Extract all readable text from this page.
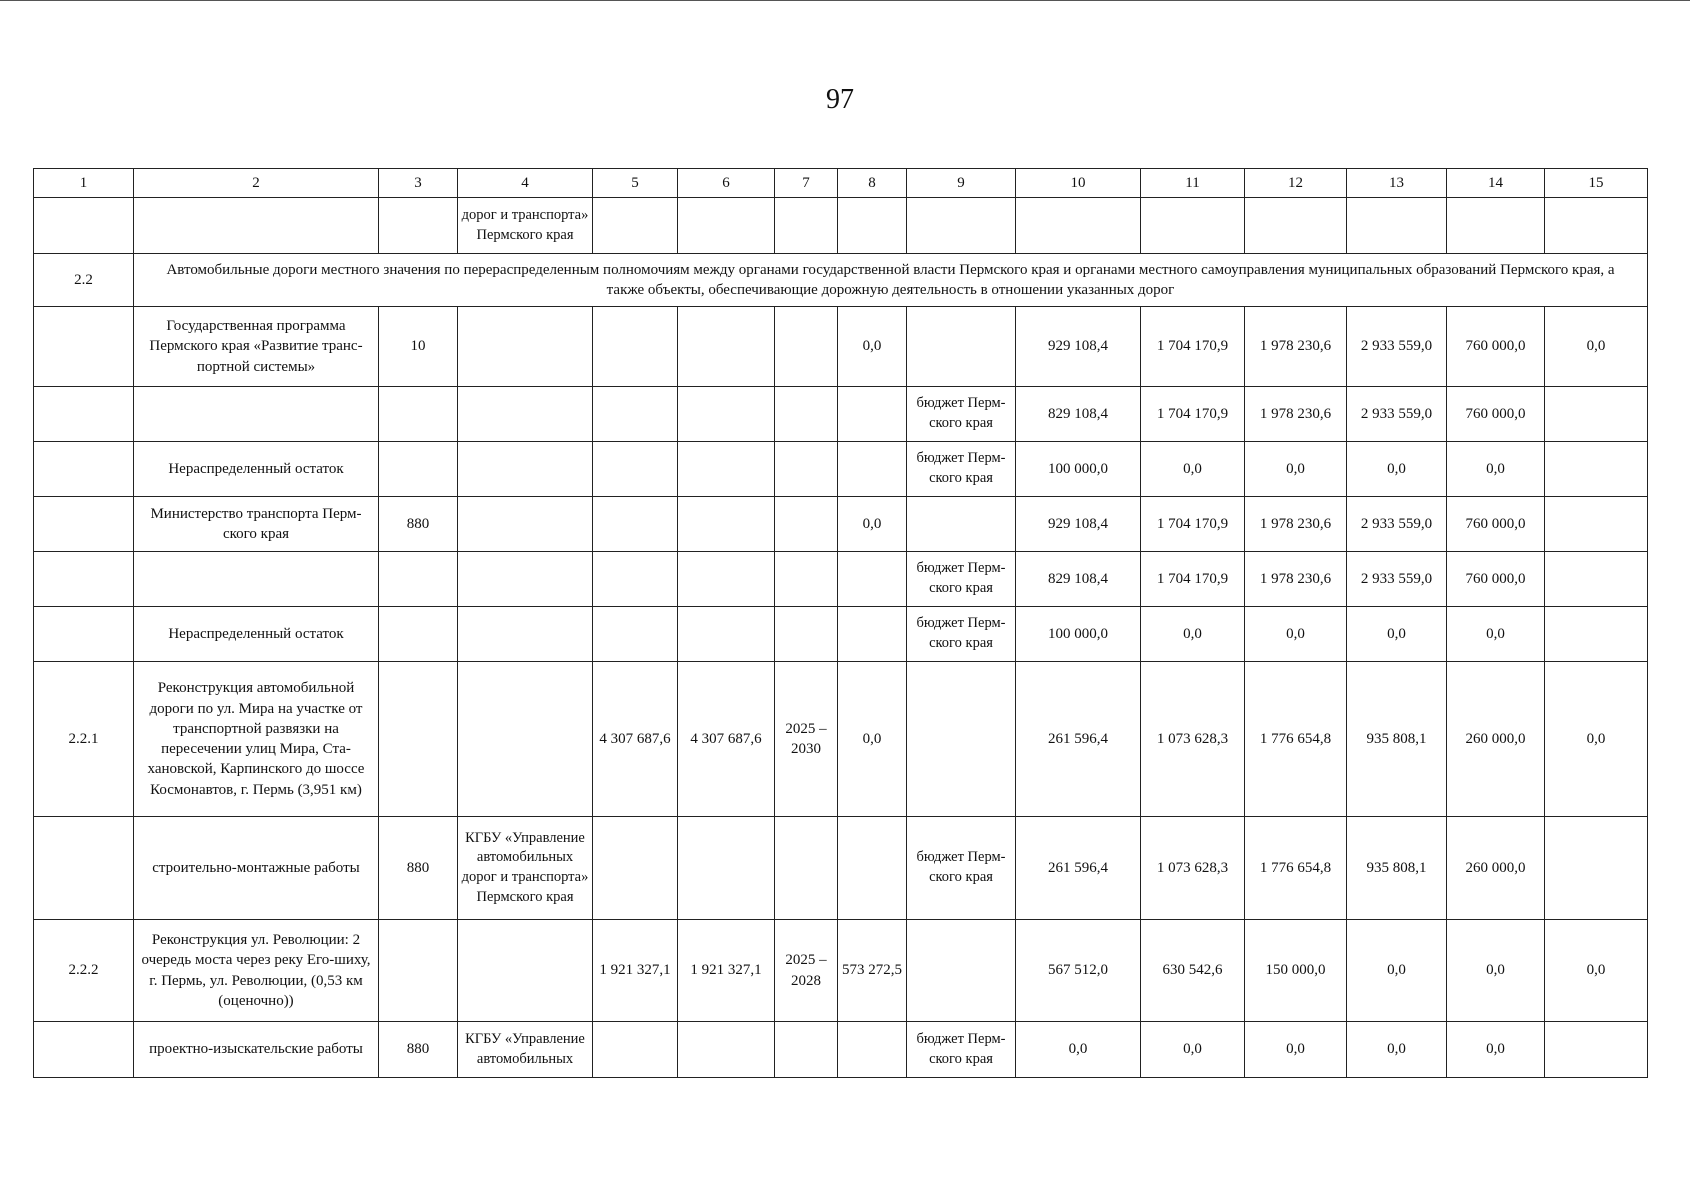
97
1	2	3	4	5	6	7	8	9	10	11	12	13	14	15
			дорог и транспорта» Пермского края											
2.2	Автомобильные дороги местного значения по перераспределенным полномочиям между органами государственной власти Пермского края и органами местного самоуправления муниципальных образований Пермского края, а также объекты, обеспечивающие дорожную деятельность в отношении указанных дорог													
	Государственная программа Пермского края «Развитие транс-портной системы»	10					0,0		929 108,4	1 704 170,9	1 978 230,6	2 933 559,0	760 000,0	0,0
								бюджет Перм-ского края	829 108,4	1 704 170,9	1 978 230,6	2 933 559,0	760 000,0	
	Нераспределенный остаток							бюджет Перм-ского края	100 000,0	0,0	0,0	0,0	0,0	
	Министерство транспорта Перм-ского края	880					0,0		929 108,4	1 704 170,9	1 978 230,6	2 933 559,0	760 000,0	
								бюджет Перм-ского края	829 108,4	1 704 170,9	1 978 230,6	2 933 559,0	760 000,0	
	Нераспределенный остаток							бюджет Перм-ского края	100 000,0	0,0	0,0	0,0	0,0	
2.2.1	Реконструкция автомобильной дороги по ул. Мира на участке от транспортной развязки на пересечении улиц Мира, Ста-хановской, Карпинского до шоссе Космонавтов, г. Пермь (3,951 км)			4 307 687,6	4 307 687,6	2025 – 2030	0,0		261 596,4	1 073 628,3	1 776 654,8	935 808,1	260 000,0	0,0
	строительно-монтажные работы	880	КГБУ «Управление автомобильных дорог и транспорта» Пермского края					бюджет Перм-ского края	261 596,4	1 073 628,3	1 776 654,8	935 808,1	260 000,0	
2.2.2	Реконструкция ул. Революции: 2 очередь моста через реку Его-шиху, г. Пермь, ул. Революции, (0,53 км (оценочно))			1 921 327,1	1 921 327,1	2025 – 2028	573 272,5		567 512,0	630 542,6	150 000,0	0,0	0,0	0,0
	проектно-изыскательские работы	880	КГБУ «Управление автомобильных					бюджет Перм-ского края	0,0	0,0	0,0	0,0	0,0	
